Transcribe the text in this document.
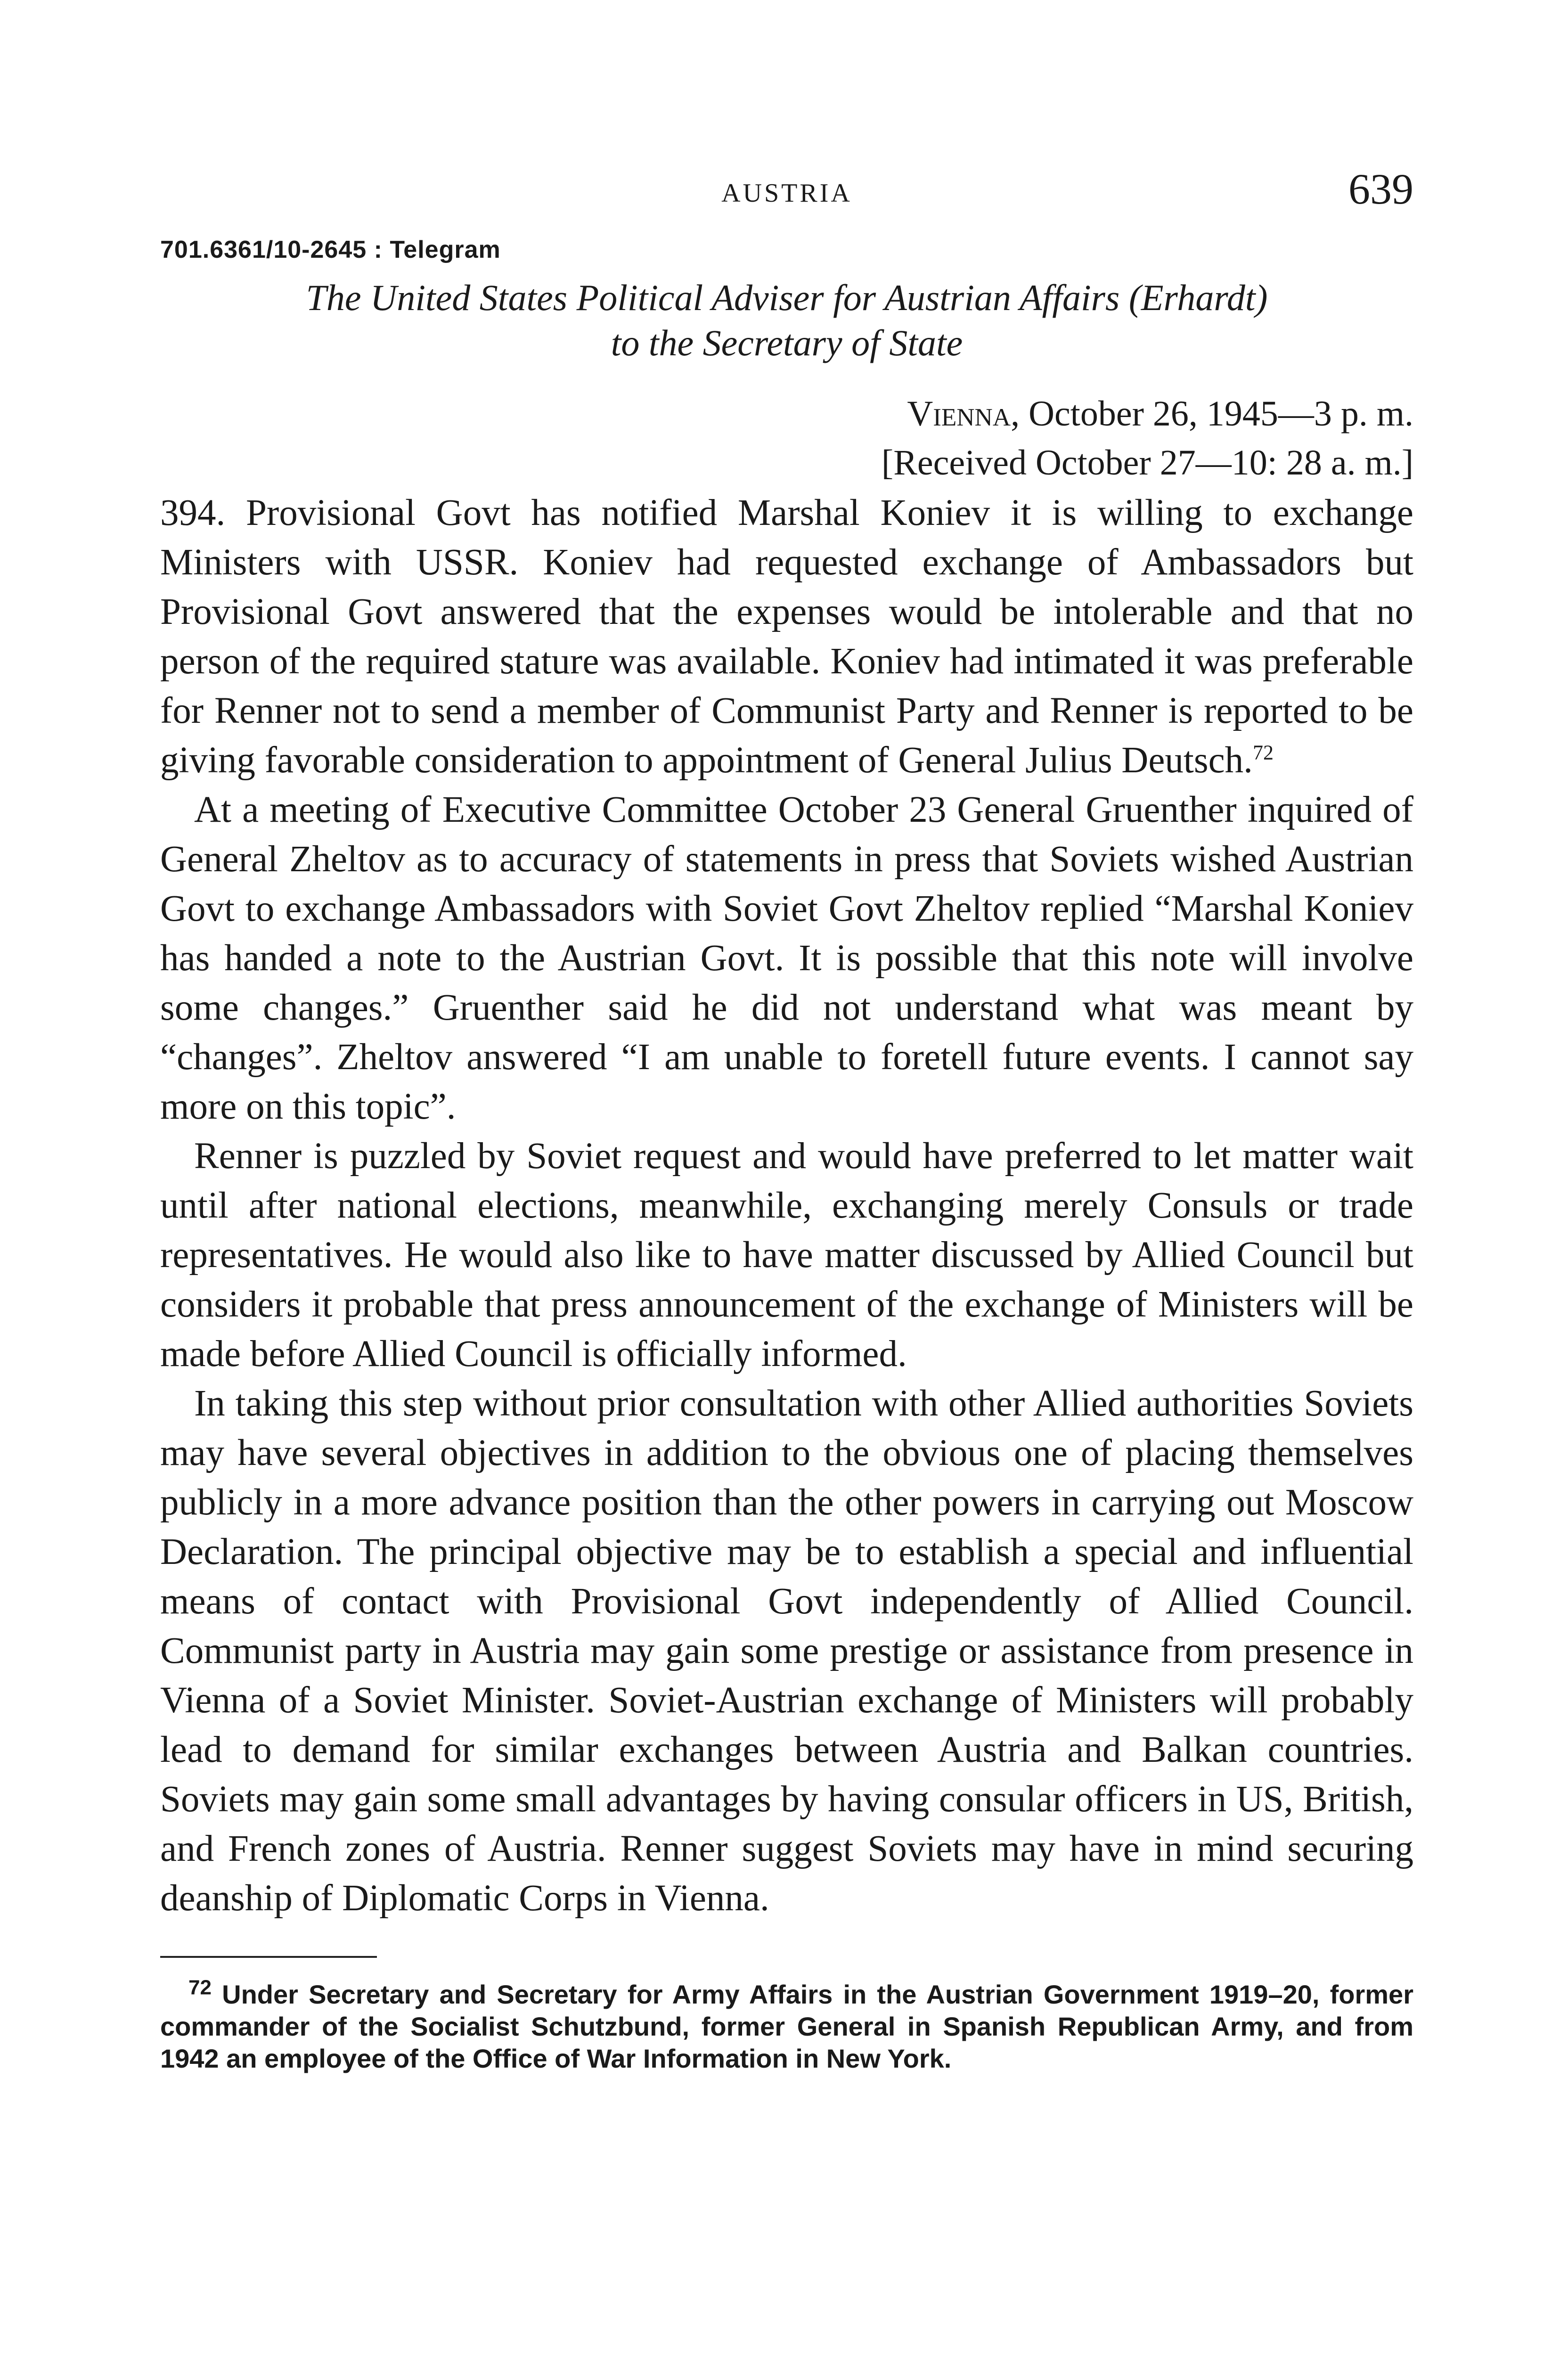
AUSTRIA	639
701.6361/10-2645 : Telegram
The United States Political Adviser for Austrian Affairs (Erhardt)
to the Secretary of State
Vienna, October 26, 1945—3 p. m.
[Received October 27—10: 28 a. m.]

394. Provisional Govt has notified Marshal Koniev it is willing to exchange Ministers with USSR. Koniev had requested exchange of Ambassadors but Provisional Govt answered that the expenses would be intolerable and that no person of the required stature was available. Koniev had intimated it was preferable for Renner not to send a member of Communist Party and Renner is reported to be giving favorable consideration to appointment of General Julius Deutsch.$^{72}$

At a meeting of Executive Committee October 23 General Gruenther inquired of General Zheltov as to accuracy of statements in press that Soviets wished Austrian Govt to exchange Ambassadors with Soviet Govt Zheltov replied “Marshal Koniev has handed a note to the Austrian Govt. It is possible that this note will involve some changes.” Gruenther said he did not understand what was meant by “changes”. Zheltov answered “I am unable to foretell future events. I cannot say more on this topic”.

Renner is puzzled by Soviet request and would have preferred to let matter wait until after national elections, meanwhile, exchanging merely Consuls or trade representatives. He would also like to have matter discussed by Allied Council but considers it probable that press announcement of the exchange of Ministers will be made before Allied Council is officially informed.

In taking this step without prior consultation with other Allied authorities Soviets may have several objectives in addition to the obvious one of placing themselves publicly in a more advance position than the other powers in carrying out Moscow Declaration. The principal objective may be to establish a special and influential means of contact with Provisional Govt independently of Allied Council. Communist party in Austria may gain some prestige or assistance from presence in Vienna of a Soviet Minister. Soviet-Austrian exchange of Ministers will probably lead to demand for similar exchanges between Austria and Balkan countries. Soviets may gain some small advantages by having consular officers in US, British, and French zones of Austria. Renner suggest Soviets may have in mind securing deanship of Diplomatic Corps in Vienna.

$^{72}$ Under Secretary and Secretary for Army Affairs in the Austrian Government 1919–20, former commander of the Socialist Schutzbund, former General in Spanish Republican Army, and from 1942 an employee of the Office of War Information in New York.
